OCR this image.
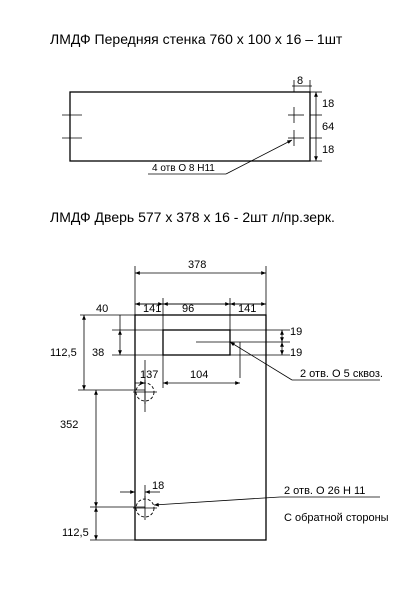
ЛМДФ Передняя стенка 760 х 100 х 16 – 1шт
8
18
64
18
4 отв О 8 Н11
ЛМДФ Дверь 577 х 378 х 16 - 2шт л/пр.зерк.
378
141 96	141
40
38
112,5
19
19
2 отв. О 5 сквоз.
137	104
352
18	2 отв. О 26 Н 11
С обратной стороны
112,5
